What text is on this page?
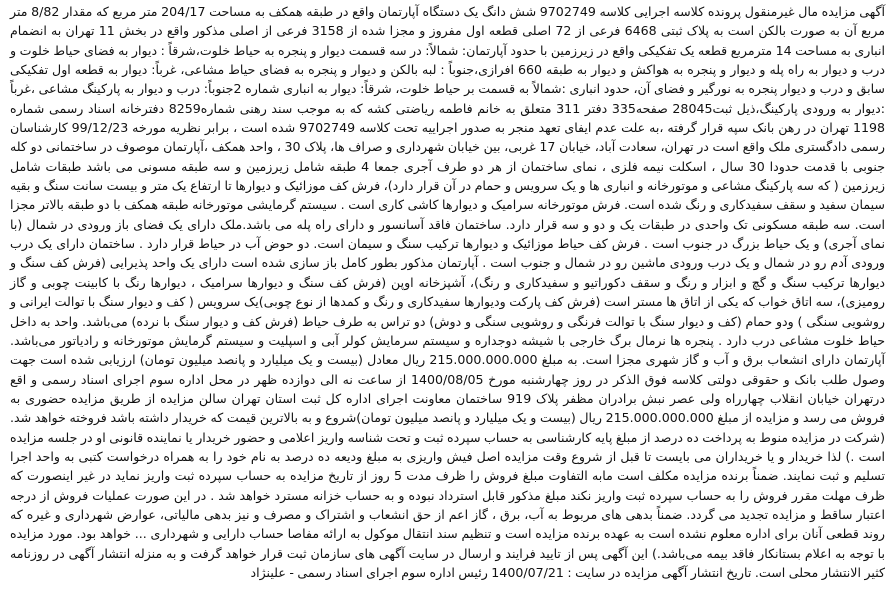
آگهی مزایده مال غیرمنقول پرونده کلاسه اجرایی کلاسه 9702749 شش دانگ یک دستگاه آپارتمان واقع در طبقه همکف به مساحت 204/17 متر مربع که مقدار 8/82 متر مربع آن به صورت بالکن است به پلاک ثبتی 6468 فرعی از 72 اصلی قطعه اول مفروز و مجزا شده از 3158 فرعی از اصلی مذکور واقع در بخش 11 تهران به انضمام انباری به مساحت 14 مترمربع قطعه یک تفکیکی واقع در زیرزمین با حدود آپارتمان: شمالاً: در سه قسمت دیوار و پنجره به حیاط خلوت،شرقاً : دیوار به فضای حیاط خلوت و درب و دیوار به راه پله و دیوار و پنجره به هواکش و دیوار به طبقه 660 افرازی،جنوباً : لبه بالکن و دیوار و پنجره به فضای حیاط مشاعی، غرباً: دیوار به قطعه اول تفکیکی سابق و درب و دیوار پنجره به نورگیر و فضای آن، حدود انباری :شمالاً به قسمت بر حیاط خلوت، شرقاً: دیوار به انباری شماره 2جنوباً: درب و دیوار به پارکینگ مشاعی ،غرباً :دیوار به ورودی پارکینگ،ذیل ثبت28045 صفحه335 دفتر 311 متعلق به خانم فاطمه ریاضتی کشه که به موجب سند رهنی شماره8259 دفترخانه اسناد رسمی شماره 1198 تهران در رهن بانک سپه قرار گرفته ،به علت عدم ایفای تعهد منجر به صدور اجراییه تحت کلاسه 9702749 شده است ، برابر نظریه مورخه 99/12/23 کارشناسان رسمی دادگستری ملک واقع است در تهران، سعادت آباد، خیابان 17 غربی، بین خیابان شهرداری و صراف ها، پلاک 30 ، واحد همکف ،آپارتمان موصوف در ساختمانی دو کله جنوبی با قدمت حدودا 30 سال ، اسکلت نیمه فلزی ، نمای ساختمان از هر دو طرف آجری جمعا 4 طبقه شامل زیرزمین و سه طبقه مسونی می باشد طبقات شامل زیرزمین ( که سه پارکینگ مشاعی و موتورخانه و انباری ها و یک سرویس و حمام در آن قرار دارد)، فرش کف موزائیک و دیوارها تا ارتفاع یک متر و بیست سانت سنگ و بقیه سیمان سفید و سقف سفیدکاری و رنگ شده است. فرش موتورخانه سرامیک و دیوارها کاشی کاری است . سیستم گرمایشی موتورخانه طبقه همکف با دو طبقه بالاتر مجزا است. سه طبقه مسکونی تک واحدی در طبقات یک و دو و سه قرار دارد. ساختمان فاقد آسانسور و دارای راه پله می باشد.ملک دارای یک فضای باز ورودی در شمال (با نمای آجری) و یک حیاط بزرگ در جنوب است . فرش کف حیاط موزائیک و دیوارها ترکیب سنگ و سیمان است. دو حوض آب در حیاط قرار دارد . ساختمان دارای یک درب ورودی آدم رو در شمال و یک درب ورودی ماشین رو در شمال و جنوب است . آپارتمان مذکور بطور کامل باز سازی شده است دارای یک واحد پذیرایی (فرش کف سنگ و دیوارها ترکیب سنگ و گچ و ابزار و رنگ و سقف دکوراتیو و سفیدکاری و رنگ)، آشپزخانه اوپن (فرش کف سنگ و دیوارها سرامیک ، دیوارها رنگ با کابینت چوبی و گاز رومیزی)، سه اتاق خواب که یکی از اتاق ها مستر است (فرش کف پارکت ودیوارها سفیدکاری و رنگ و کمدها از نوع چوبی)یک سرویس ( کف و دیوار سنگ با توالت ایرانی و روشویی سنگی ) ودو حمام (کف و دیوار سنگ با توالت فرنگی و روشویی سنگی و دوش) دو تراس به طرف حیاط (فرش کف و دیوار سنگ با نرده) می‌باشد. واحد به داخل حیاط خلوت مشاعی درب دارد . پنجره ها نرمال برگ خارجی با شیشه دوجداره و سیستم سرمایش کولر آبی و اسپلیت و سیستم گرمایش موتورخانه و رادیاتور می‌باشد. آپارتمان دارای انشعاب برق و آب و گاز شهری مجزا است. به مبلغ 215.000.000.000 ریال معادل (بیست و یک میلیارد و پانصد میلیون تومان) ارزیابی شده است جهت وصول طلب بانک و حقوقی دولتی کلاسه فوق الذکر در روز چهارشنبه مورخ 1400/08/05 از ساعت نه الی دوازده ظهر در محل اداره سوم اجرای اسناد رسمی و اقع درتهران خیابان انقلاب چهارراه ولی عصر نبش برادران مظفر پلاک 919 ساختمان معاونت اجرای اداره کل ثبت استان تهران سالن مزایده از طریق مزایده حضوری به فروش می رسد و مزایده از مبلغ 215.000.000.000 ریال (بیست و یک میلیارد و پانصد میلیون تومان)شروع و به بالاترین قیمت که خریدار داشته باشد فروخته خواهد شد. (شرکت در مزایده منوط به پرداخت ده درصد از مبلغ پایه کارشناسی به حساب سپرده ثبت و تحت شناسه واریز اعلامی و حضور خریدار یا نماینده قانونی او در جلسه مزایده است .) لذا خریدار و یا خریداران می بایست تا قبل از شروع وقت مزایده اصل فیش واریزی به مبلغ ودیعه ده درصد به نام خود را به همراه درخواست کتبی به واحد اجرا تسلیم و ثبت نمایند. ضمناً برنده مزایده مکلف است مابه التفاوت مبلغ فروش را ظرف مدت 5 روز از تاریخ مزایده به حساب سپرده ثبت واریز نماید در غیر اینصورت که ظرف مهلت مقرر فروش را به حساب سپرده ثبت واریز نکند مبلغ مذکور قابل استرداد نبوده و به حساب خزانه مسترد خواهد شد . در این صورت عملیات فروش از درجه اعتبار ساقط و مزایده تجدید می گردد. ضمناً بدهی های مربوط به آب، برق ، گاز اعم از حق انشعاب و اشتراک و مصرف و نیز بدهی مالیاتی، عوارض شهرداری و غیره که روند قطعی آنان برای اداره معلوم نشده است به عهده برنده مزایده است و تنظیم سند انتقال موکول به ارائه مفاصا حساب دارایی و شهرداری ... خواهد بود. مورد مزایده با توجه به اعلام بستانکار فاقد بیمه می‌باشد.) این آگهی پس از تایید فرایند و ارسال در سایت آگهی های سازمان ثبت قرار خواهد گرفت و به منزله انتشار آگهی در روزنامه کثیر الانتشار محلی است. تاریخ انتشار آگهی مزایده در سایت : 1400/07/21 رئیس اداره سوم اجرای اسناد رسمی - علینژاد
